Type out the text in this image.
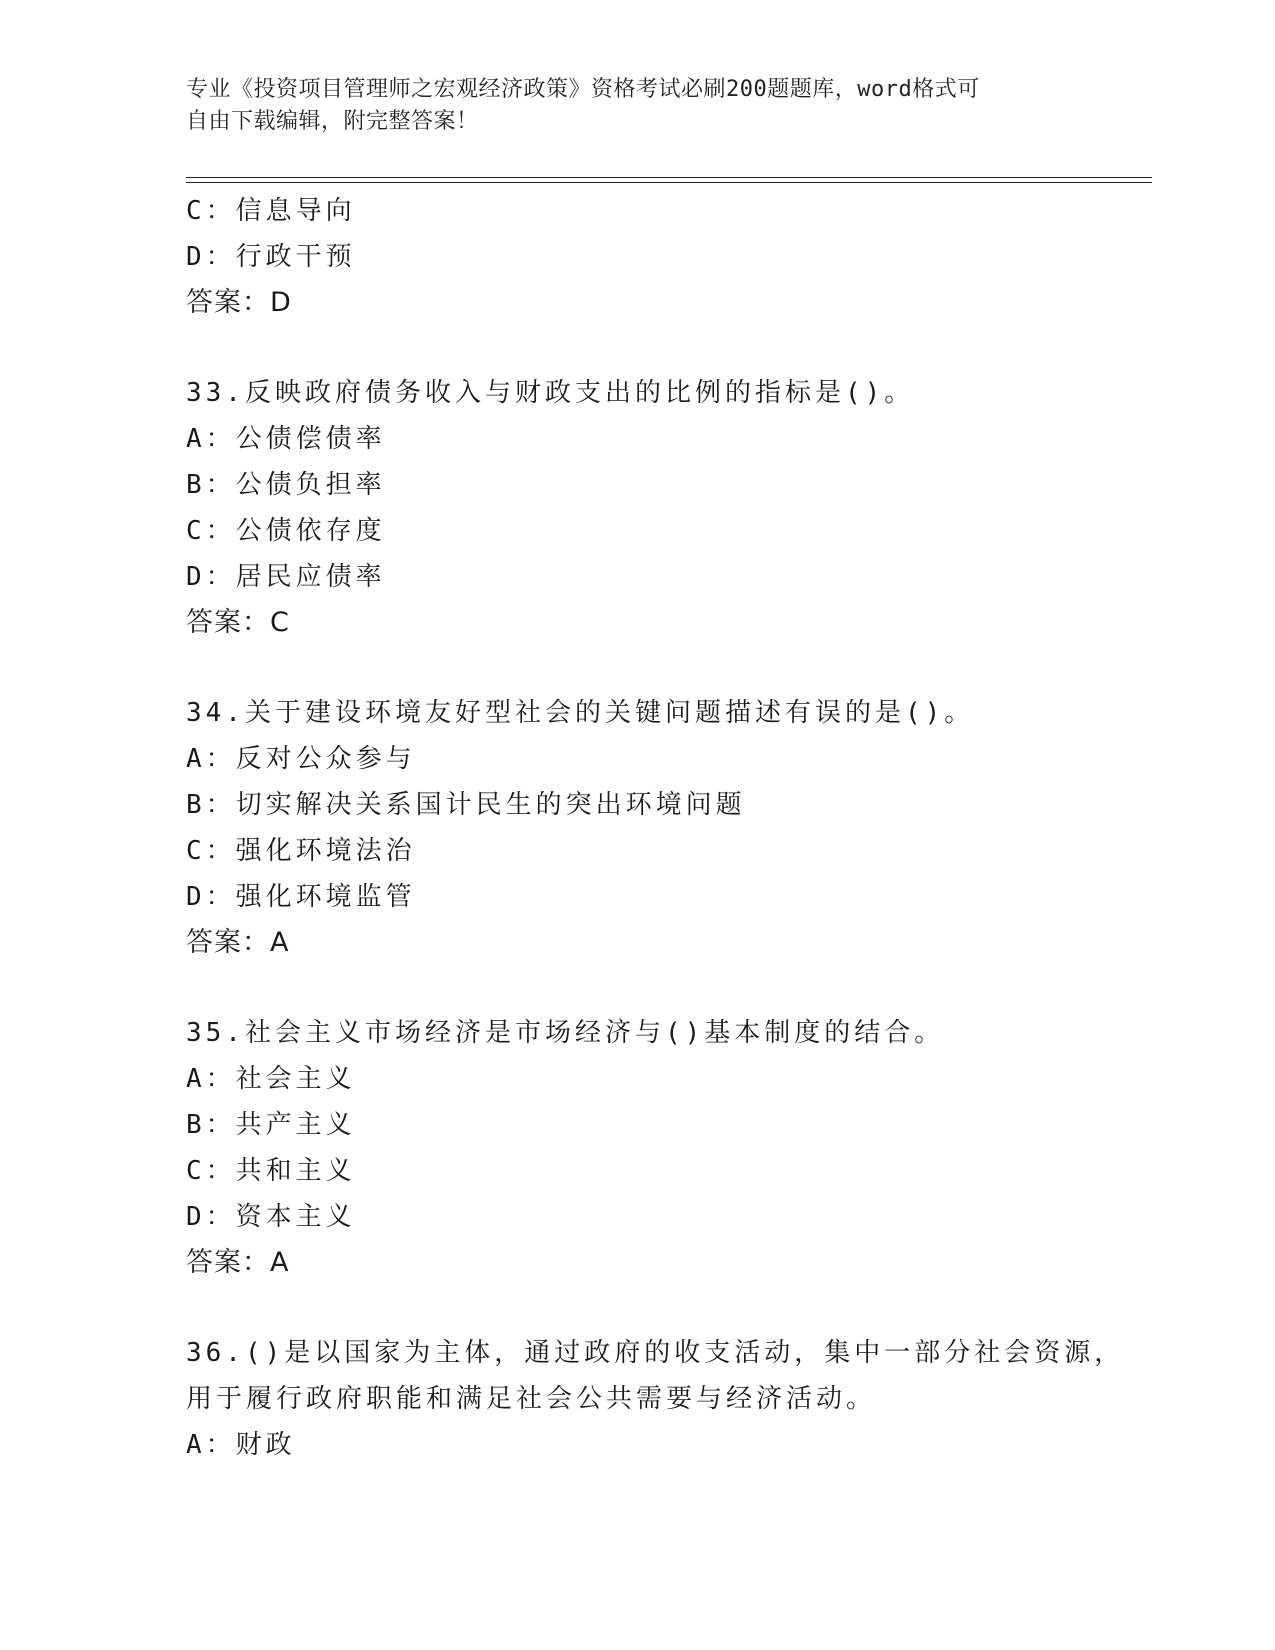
专业《投资项目管理师之宏观经济政策》资格考试必刷200题题库，word格式可
自由下载编辑，附完整答案！
C：信息导向
D：行政干预
答案：D
33.反映政府债务收入与财政支出的比例的指标是()。
A：公债偿债率
B：公债负担率
C：公债依存度
D：居民应债率
答案：C
34.关于建设环境友好型社会的关键问题描述有误的是()。
A：反对公众参与
B：切实解决关系国计民生的突出环境问题
C：强化环境法治
D：强化环境监管
答案：A
35.社会主义市场经济是市场经济与()基本制度的结合。
A：社会主义
B：共产主义
C：共和主义
D：资本主义
答案：A
36.()是以国家为主体，通过政府的收支活动，集中一部分社会资源，
用于履行政府职能和满足社会公共需要与经济活动。
A：财政
